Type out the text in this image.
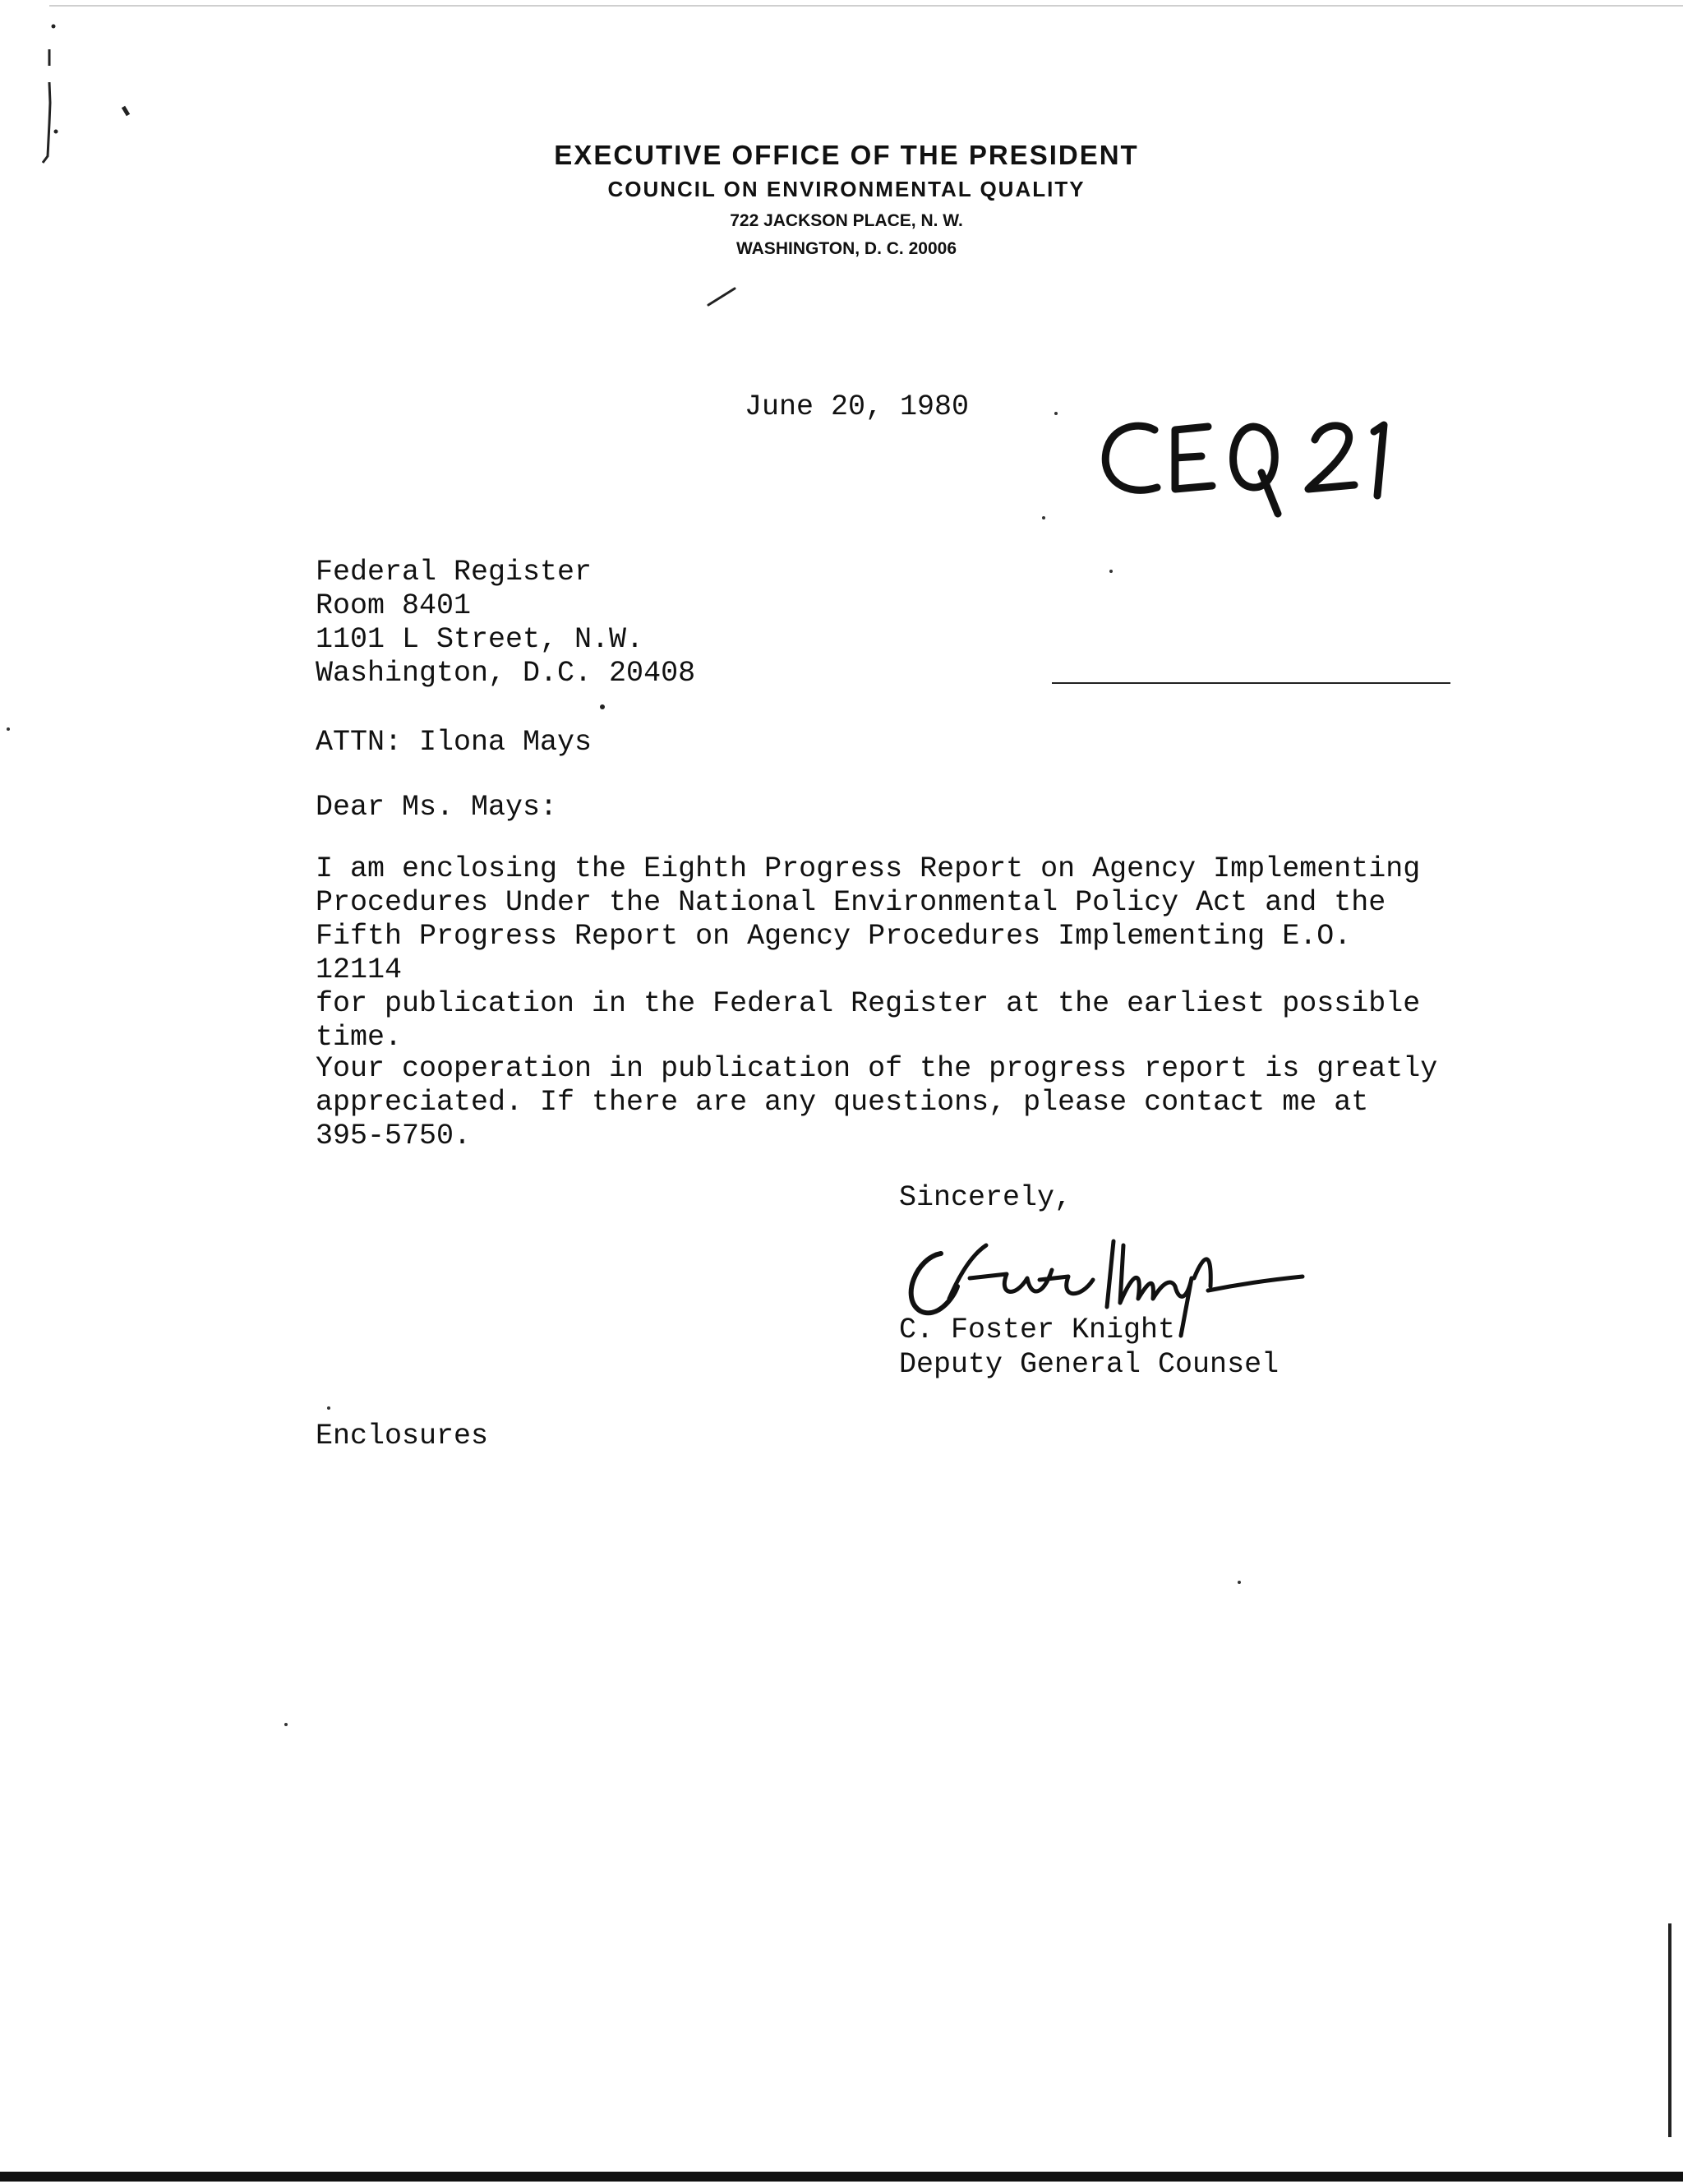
EXECUTIVE OFFICE OF THE PRESIDENT
COUNCIL ON ENVIRONMENTAL QUALITY
722 JACKSON PLACE, N. W.
WASHINGTON, D. C. 20006
June 20, 1980
Federal Register
Room 8401
1101 L Street, N.W.
Washington, D.C. 20408
ATTN: Ilona Mays
Dear Ms. Mays:
I am enclosing the Eighth Progress Report on Agency Implementing
Procedures Under the National Environmental Policy Act and the
Fifth Progress Report on Agency Procedures Implementing E.O. 12114
for publication in the Federal Register at the earliest possible
time.
Your cooperation in publication of the progress report is greatly
appreciated. If there are any questions, please contact me at
395-5750.
Sincerely,
C. Foster Knight
Deputy General Counsel
Enclosures
